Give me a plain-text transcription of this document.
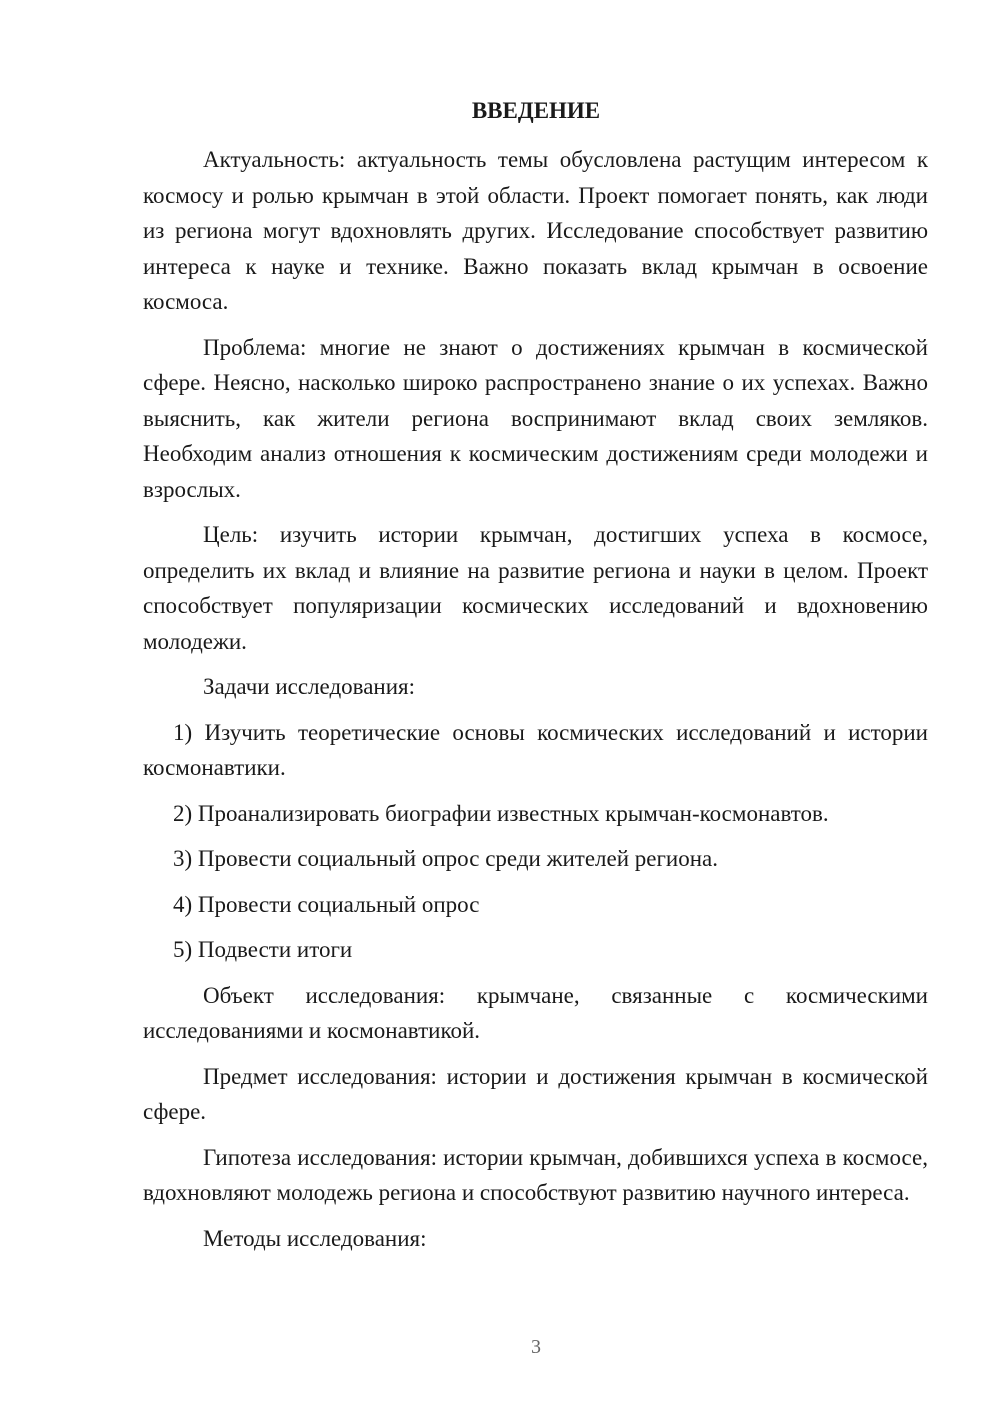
ВВЕДЕНИЕ

Актуальность: актуальность темы обусловлена растущим интересом к космосу и ролью крымчан в этой области. Проект помогает понять, как люди из региона могут вдохновлять других. Исследование способствует развитию интереса к науке и технике. Важно показать вклад крымчан в освоение космоса.

Проблема: многие не знают о достижениях крымчан в космической сфере. Неясно, насколько широко распространено знание о их успехах. Важно выяснить, как жители региона воспринимают вклад своих земляков. Необходим анализ отношения к космическим достижениям среди молодежи и взрослых.

Цель: изучить истории крымчан, достигших успеха в космосе, определить их вклад и влияние на развитие региона и науки в целом. Проект способствует популяризации космических исследований и вдохновению молодежи.

Задачи исследования:

1) Изучить теоретические основы космических исследований и истории космонавтики.

2) Проанализировать биографии известных крымчан-космонавтов.

3) Провести социальный опрос среди жителей региона.

4) Провести социальный опрос

5) Подвести итоги

Объект исследования: крымчане, связанные с космическими исследованиями и космонавтикой.

Предмет исследования: истории и достижения крымчан в космической сфере.

Гипотеза исследования: истории крымчан, добившихся успеха в космосе, вдохновляют молодежь региона и способствуют развитию научного интереса.

Методы исследования:

3
